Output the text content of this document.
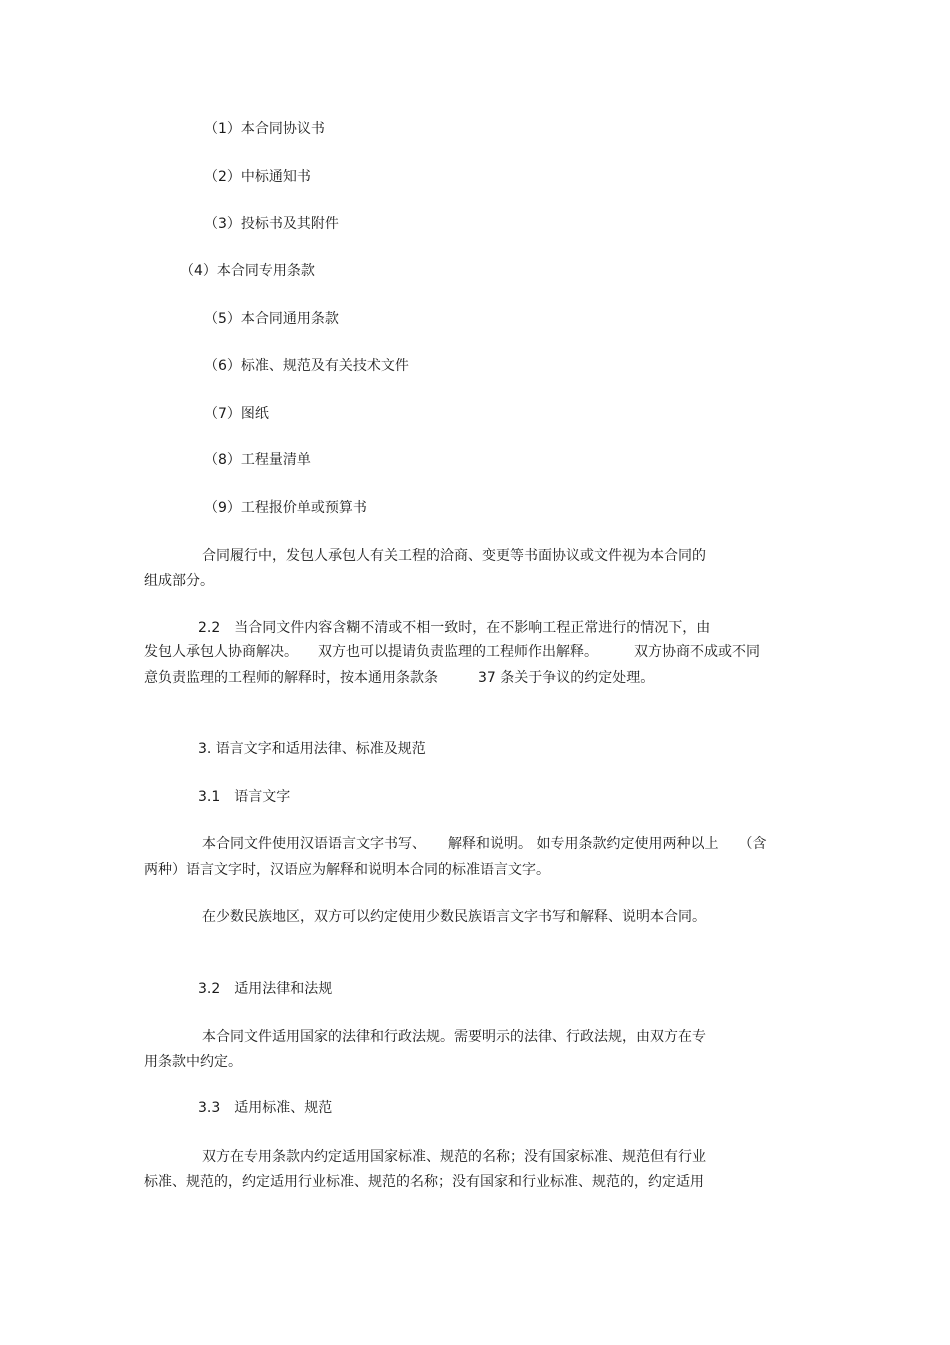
（1）本合同协议书
（2）中标通知书
（3）投标书及其附件
（4）本合同专用条款
（5）本合同通用条款
（6）标准、规范及有关技术文件
（7）图纸
（8）工程量清单
（9）工程报价单或预算书
合同履行中，发包人承包人有关工程的洽商、变更等书面协议或文件视为本合同的
组成部分。
2.2　当合同文件内容含糊不清或不相一致时，在不影响工程正常进行的情况下，由
发包人承包人协商解决。 双方也可以提请负责监理的工程师作出解释。	双方协商不成或不同
意负责监理的工程师的解释时，按本通用条款条	37 条关于争议的约定处理。
3. 语言文字和适用法律、标准及规范
3.1　语言文字
本合同文件使用汉语语言文字书写、 解释和说明。 如专用条款约定使用两种以上 （含
两种）语言文字时，汉语应为解释和说明本合同的标准语言文字。
在少数民族地区，双方可以约定使用少数民族语言文字书写和解释、说明本合同。
3.2　适用法律和法规
本合同文件适用国家的法律和行政法规。需要明示的法律、行政法规，由双方在专
用条款中约定。
3.3　适用标准、规范
双方在专用条款内约定适用国家标准、规范的名称；没有国家标准、规范但有行业
标准、规范的，约定适用行业标准、规范的名称；没有国家和行业标准、规范的，约定适用
